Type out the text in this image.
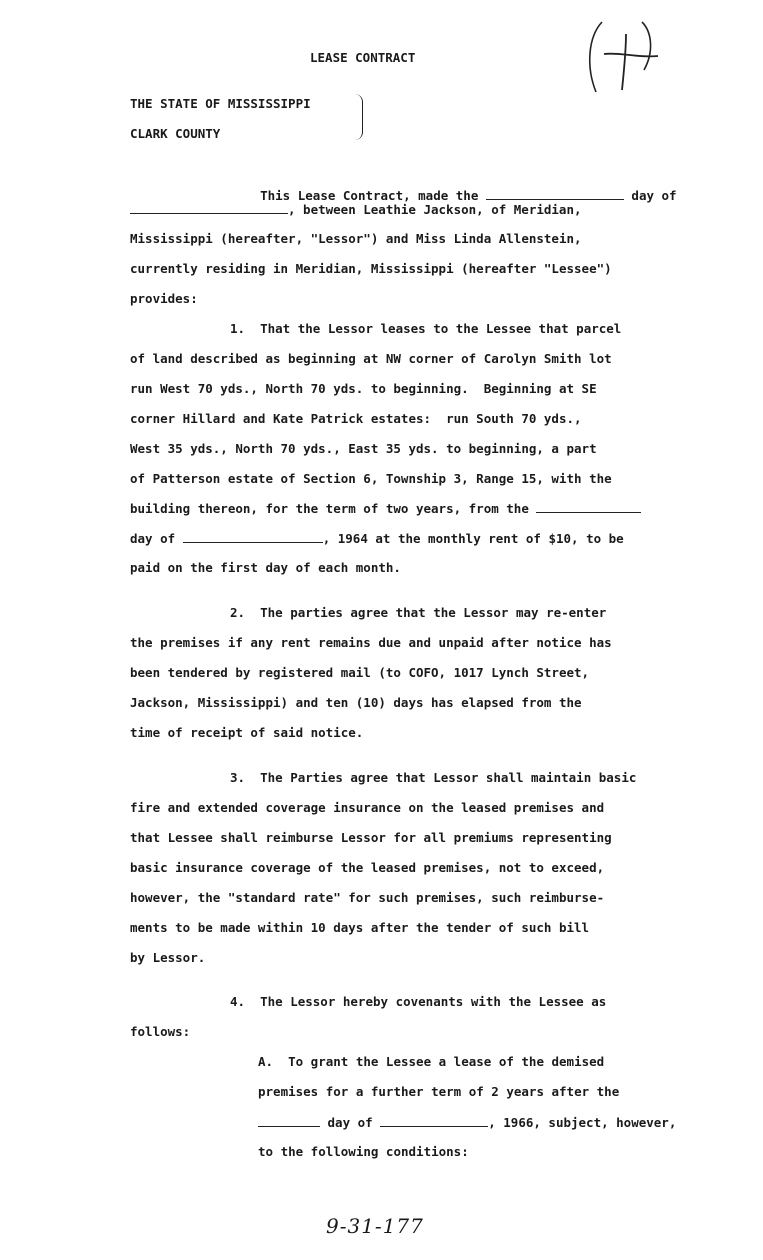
LEASE CONTRACT
THE STATE OF MISSISSIPPI
CLARK COUNTY

This Lease Contract, made the	day of

, between Leathie Jackson, of Meridian,
Mississippi (hereafter, "Lessor") and Miss Linda Allenstein,
currently residing in Meridian, Mississippi (hereafter "Lessee")
provides:
1.  That the Lessor leases to the Lessee that parcel
of land described as beginning at NW corner of Carolyn Smith lot
run West 70 yds., North 70 yds. to beginning.  Beginning at SE
corner Hillard and Kate Patrick estates:  run South 70 yds.,
West 35 yds., North 70 yds., East 35 yds. to beginning, a part
of Patterson estate of Section 6, Township 3, Range 15, with the
building thereon, for the term of two years, from the
day of	, 1964 at the monthly rent of $10, to be
paid on the first day of each month.
2.  The parties agree that the Lessor may re-enter
the premises if any rent remains due and unpaid after notice has
been tendered by registered mail (to COFO, 1017 Lynch Street,
Jackson, Mississippi) and ten (10) days has elapsed from the
time of receipt of said notice.
3.  The Parties agree that Lessor shall maintain basic
fire and extended coverage insurance on the leased premises and
that Lessee shall reimburse Lessor for all premiums representing
basic insurance coverage of the leased premises, not to exceed,
however, the "standard rate" for such premises, such reimburse-
ments to be made within 10 days after the tender of such bill
by Lessor.
4.  The Lessor hereby covenants with the Lessee as
follows:
A.  To grant the Lessee a lease of the demised
premises for a further term of 2 years after the
day of	, 1966, subject, however,
to the following conditions:
9-31-177
